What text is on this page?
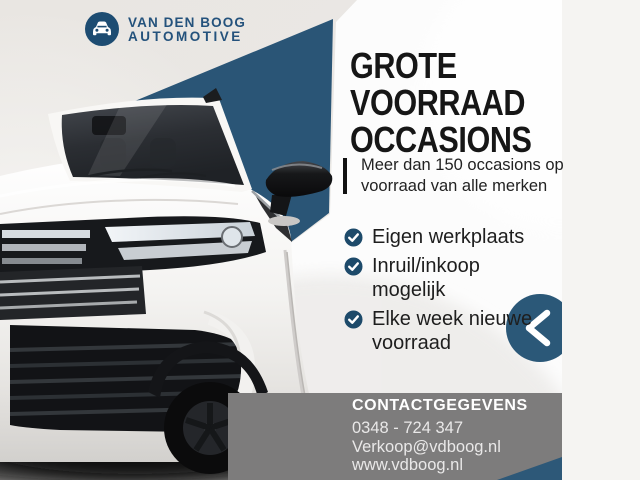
VAN DEN BOOG
AUTOMOTIVE
GROTE
VOORRAAD
OCCASIONS
Meer dan 150 occasions op
voorraad van alle merken
Eigen werkplaats
Inruil/inkoop mogelijk
Elke week nieuwe voorraad
CONTACTGEGEVENS
0348 - 724 347
Verkoop@vdboog.nl
www.vdboog.nl
